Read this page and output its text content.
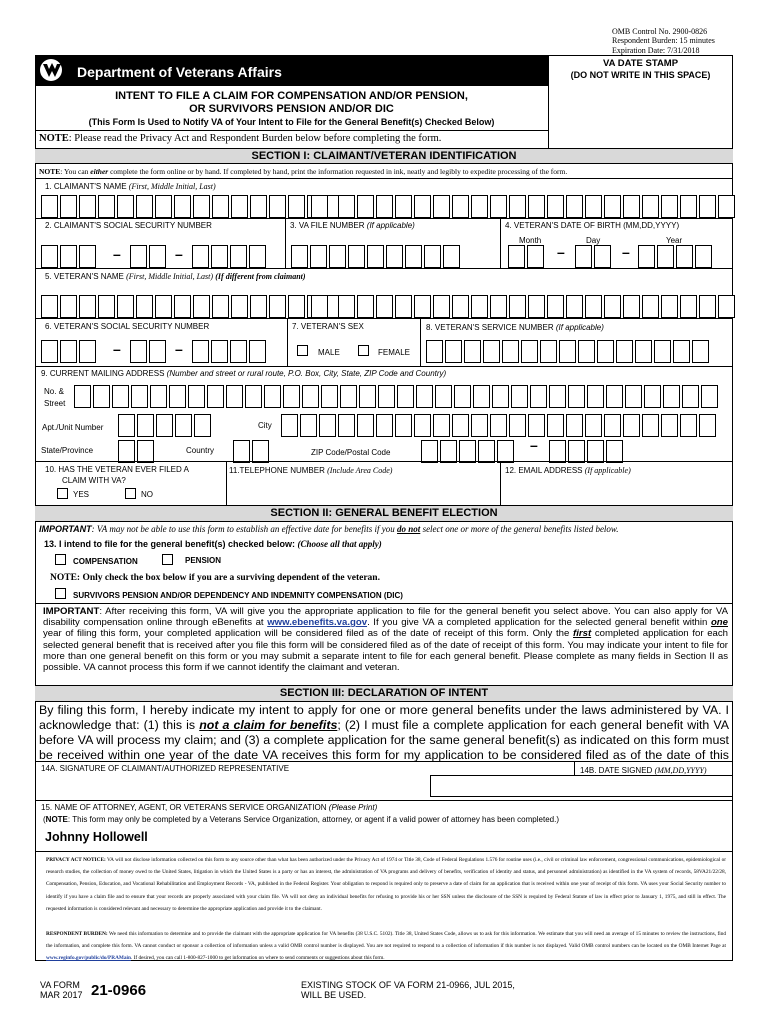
OMB Control No. 2900-0826
Respondent Burden: 15 minutes
Expiration Date: 7/31/2018
Department of Veterans Affairs
VA DATE STAMP
(DO NOT WRITE IN THIS SPACE)
INTENT TO FILE A CLAIM FOR COMPENSATION AND/OR PENSION,
OR SURVIVORS PENSION AND/OR DIC
(This Form Is Used to Notify VA of Your Intent to File for the General Benefit(s) Checked Below)
NOTE: Please read the Privacy Act and Respondent Burden below before completing the form.
SECTION I: CLAIMANT/VETERAN IDENTIFICATION
NOTE: You can either complete the form online or by hand. If completed by hand, print the information requested in ink, neatly and legibly to expedite processing of the form.
1. CLAIMANT'S NAME (First, Middle Initial, Last)
2. CLAIMANT'S SOCIAL SECURITY NUMBER	3. VA FILE NUMBER (If applicable)	4. VETERAN'S DATE OF BIRTH (MM,DD,YYYY)
Month	Day	Year
–	–	–	–
5. VETERAN'S NAME (First, Middle Initial, Last) (If different from claimant)
6. VETERAN'S SOCIAL SECURITY NUMBER	7. VETERAN'S SEX	8. VETERAN'S SERVICE NUMBER (If applicable)
–	–	MALE	FEMALE
9. CURRENT MAILING ADDRESS (Number and street or rural route, P.O. Box, City, State, ZIP Code and Country)
No. &
Street
Apt./Unit Number	City
State/Province	Country	ZIP Code/Postal Code	–
10. HAS THE VETERAN EVER FILED A
CLAIM WITH VA?
YES	NO
11.TELEPHONE NUMBER (Include Area Code)	12. EMAIL ADDRESS (If applicable)
SECTION II: GENERAL BENEFIT ELECTION
IMPORTANT: VA may not be able to use this form to establish an effective date for benefits if you do not select one or more of the general benefits listed below.
13. I intend to file for the general benefit(s) checked below: (Choose all that apply)
COMPENSATION	PENSION
NOTE: Only check the box below if you are a surviving dependent of the veteran.
SURVIVORS PENSION AND/OR DEPENDENCY AND INDEMNITY COMPENSATION (DIC)
IMPORTANT: After receiving this form, VA will give you the appropriate application to file for the general benefit you select above. You can also apply for VA disability compensation online through eBenefits at www.ebenefits.va.gov. If you give VA a completed application for the selected general benefit within one year of filing this form, your completed application will be considered filed as of the date of receipt of this form. Only the first completed application for each selected general benefit that is received after you file this form will be considered filed as of the date of receipt of this form. You may indicate your intent to file for more than one general benefit on this form or you may submit a separate intent to file for each general benefit. Please complete as many fields in Section II as possible. VA cannot process this form if we cannot identify the claimant and veteran.
SECTION III: DECLARATION OF INTENT
By filing this form, I hereby indicate my intent to apply for one or more general benefits under the laws administered by VA. I acknowledge that: (1) this is not a claim for benefits; (2) I must file a complete application for each general benefit with VA before VA will process my claim; and (3) a complete application for the same general benefit(s) as indicated on this form must be received within one year of the date VA receives this form for my application to be considered filed as of the date of this
14A. SIGNATURE OF CLAIMANT/AUTHORIZED REPRESENTATIVE	14B. DATE SIGNED (MM,DD,YYYY)
15. NAME OF ATTORNEY, AGENT, OR VETERANS SERVICE ORGANIZATION (Please Print)
(NOTE: This form may only be completed by a Veterans Service Organization, attorney, or agent if a valid power of attorney has been completed.)
Johnny Hollowell
PRIVACY ACT NOTICE: VA will not disclose information collected on this form to any source other than what has been authorized under the Privacy Act of 1974 or Title 38, Code of Federal Regulations 1.576 for routine uses (i.e., civil or criminal law enforcement, congressional communications, epidemiological or research studies, the collection of money owed to the United States, litigation in which the United States is a party or has an interest, the administration of VA programs and delivery of benefits, verification of identity and status, and personnel administration) as identified in the VA system of records, 58VA21/22/28, Compensation, Pension, Education, and Vocational Rehabilitation and Employment Records - VA, published in the Federal Register. Your obligation to respond is required only to preserve a date of claim for an application that is received within one year of receipt of this form. VA uses your Social Security number to identify if you have a claim file and to ensure that your records are properly associated with your claim file. VA will not deny an individual benefits for refusing to provide his or her SSN unless the disclosure of the SSN is required by Federal Statute of law in effect prior to January 1, 1975, and still in effect. The requested information is considered relevant and necessary to determine the appropriate application and provide it to the claimant.
RESPONDENT BURDEN: We need this information to determine and to provide the claimant with the appropriate application for VA benefits (38 U.S.C. 5102). Title 38, United States Code, allows us to ask for this information. We estimate that you will need an average of 15 minutes to review the instructions, find the information, and complete this form. VA cannot conduct or sponsor a collection of information unless a valid OMB control number is displayed. You are not required to respond to a collection of information if this number is not displayed. Valid OMB control numbers can be located on the OMB Internet Page at www.reginfo.gov/public/do/PRAMain. If desired, you can call 1-800-827-1000 to get information on where to send comments or suggestions about this form.
VA FORM
MAR 2017 21-0966	EXISTING STOCK OF VA FORM 21-0966, JUL 2015,
WILL BE USED.
